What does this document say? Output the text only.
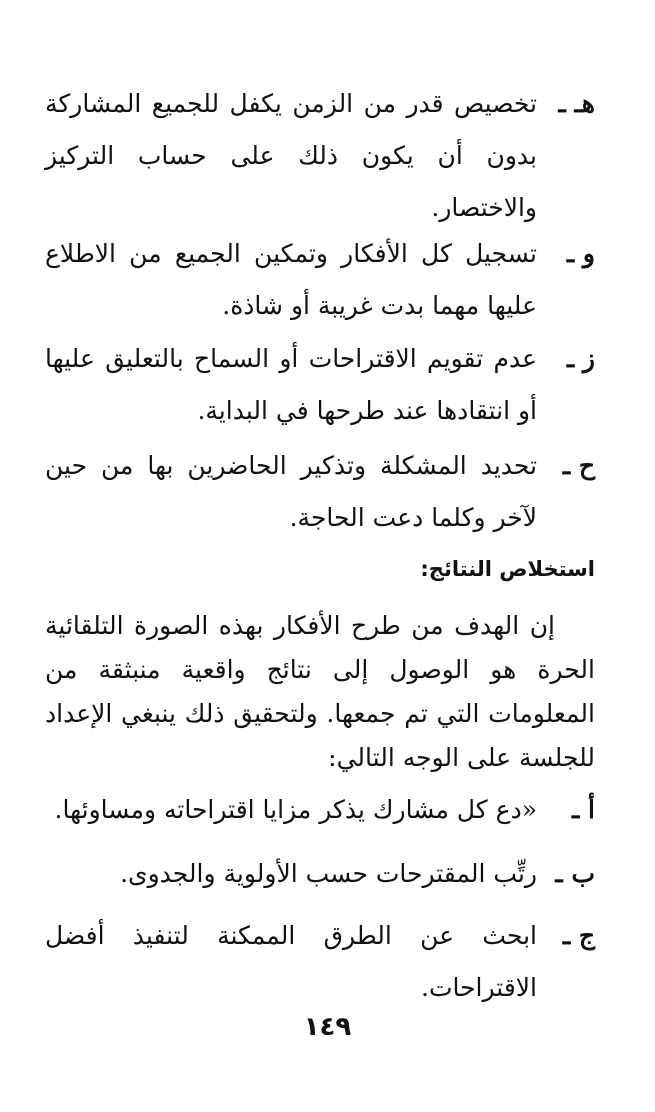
هـ ـ
تخصيص قدر من الزمن يكفل للجميع المشاركة بدون أن يكون ذلك على حساب التركيز والاختصار.
و ـ
تسجيل كل الأفكار وتمكين الجميع من الاطلاع عليها مهما بدت غريبة أو شاذة.
ز ـ
عدم تقويم الاقتراحات أو السماح بالتعليق عليها أو انتقادها عند طرحها في البداية.
ح ـ
تحديد المشكلة وتذكير الحاضرين بها من حين لآخر وكلما دعت الحاجة.
استخلاص النتائج:
إن الهدف من طرح الأفكار بهذه الصورة التلقائية الحرة هو الوصول إلى نتائج واقعية منبثقة من المعلومات التي تم جمعها. ولتحقيق ذلك ينبغي الإعداد للجلسة على الوجه التالي:
أ ـ
«دع كل مشارك يذكر مزايا اقتراحاته ومساوئها.
ب ـ
رتِّب المقترحات حسب الأولوية والجدوى.
ج ـ
ابحث عن الطرق الممكنة لتنفيذ أفضل الاقتراحات.
١٤٩
